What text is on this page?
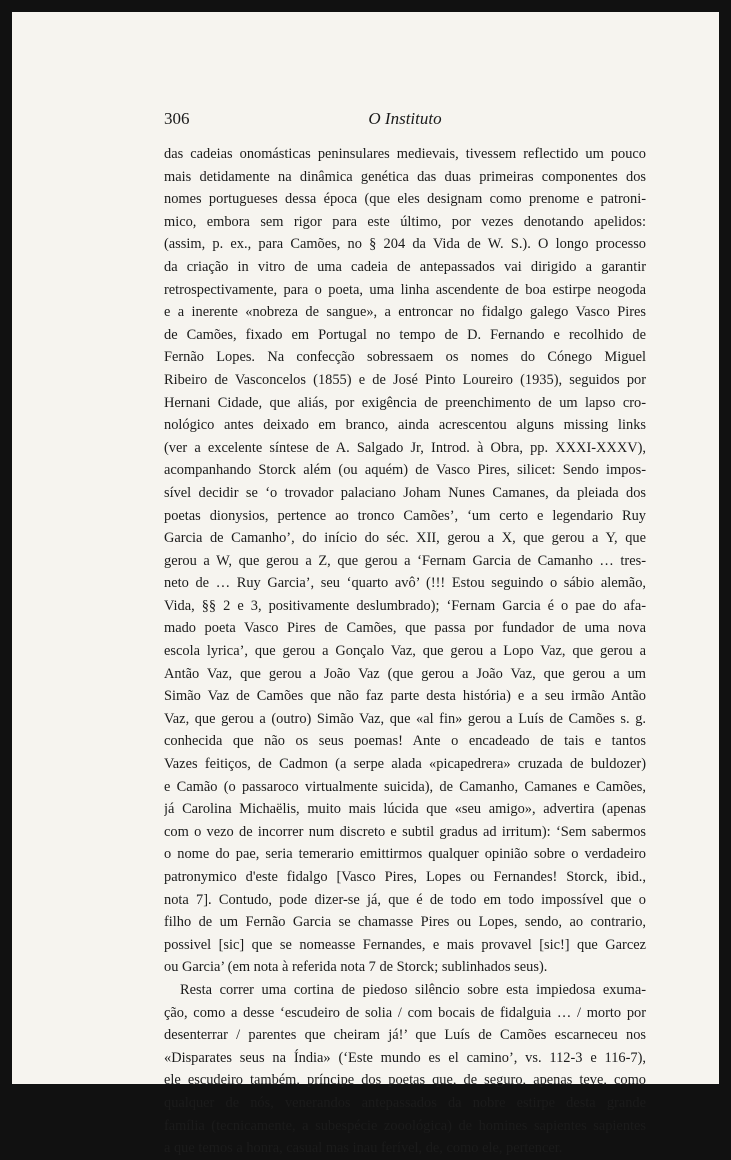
306	O Instituto
das cadeias onomásticas peninsulares medievais, tivessem reflectido um pouco
mais detidamente na dinâmica genética das duas primeiras componentes dos
nomes portugueses dessa época (que eles designam como prenome e patroni-
mico, embora sem rigor para este último, por vezes denotando apelidos:
(assim, p. ex., para Camões, no § 204 da Vida de W. S.). O longo processo
da criação in vitro de uma cadeia de antepassados vai dirigido a garantir
retrospectivamente, para o poeta, uma linha ascendente de boa estirpe neogoda
e a inerente «nobreza de sangue», a entroncar no fidalgo galego Vasco Pires
de Camões, fixado em Portugal no tempo de D. Fernando e recolhido de
Fernão Lopes. Na confecção sobressaem os nomes do Cónego Miguel
Ribeiro de Vasconcelos (1855) e de José Pinto Loureiro (1935), seguidos por
Hernani Cidade, que aliás, por exigência de preenchimento de um lapso cro-
nológico antes deixado em branco, ainda acrescentou alguns missing links
(ver a excelente síntese de A. Salgado Jr, Introd. à Obra, pp. XXXI-XXXV),
acompanhando Storck além (ou aquém) de Vasco Pires, silicet: Sendo impos-
sível decidir se ‘o trovador palaciano Joham Nunes Camanes, da pleiada dos
poetas dionysios, pertence ao tronco Camões’, ‘um certo e legendario Ruy
Garcia de Camanho’, do início do séc. XII, gerou a X, que gerou a Y, que
gerou a W, que gerou a Z, que gerou a ‘Fernam Garcia de Camanho … tres-
neto de … Ruy Garcia’, seu ‘quarto avô’ (!!! Estou seguindo o sábio alemão,
Vida, §§ 2 e 3, positivamente deslumbrado); ‘Fernam Garcia é o pae do afa-
mado poeta Vasco Pires de Camões, que passa por fundador de uma nova
escola lyrica’, que gerou a Gonçalo Vaz, que gerou a Lopo Vaz, que gerou a
Antão Vaz, que gerou a João Vaz (que gerou a João Vaz, que gerou a um
Simão Vaz de Camões que não faz parte desta história) e a seu irmão Antão
Vaz, que gerou a (outro) Simão Vaz, que «al fin» gerou a Luís de Camões s. g.
conhecida que não os seus poemas! Ante o encadeado de tais e tantos
Vazes feitiços, de Cadmon (a serpe alada «picapedrera» cruzada de buldozer)
e Camão (o passaroco virtualmente suicida), de Camanho, Camanes e Camões,
já Carolina Michaëlis, muito mais lúcida que «seu amigo», advertira (apenas
com o vezo de incorrer num discreto e subtil gradus ad irritum): ‘Sem sabermos
o nome do pae, seria temerario emittirmos qualquer opinião sobre o verdadeiro
patronymico d'este fidalgo [Vasco Pires, Lopes ou Fernandes! Storck, ibid.,
nota 7]. Contudo, pode dizer-se já, que é de todo em todo impossível que o
filho de um Fernão Garcia se chamasse Pires ou Lopes, sendo, ao contrario,
possivel [sic] que se nomeasse Fernandes, e mais provavel [sic!] que Garcez
ou Garcia’ (em nota à referida nota 7 de Storck; sublinhados seus).
Resta correr uma cortina de piedoso silêncio sobre esta impiedosa exuma-
ção, como a desse ‘escudeiro de solia / com bocais de fidalguia … / morto por
desenterrar / parentes que cheiram já!’ que Luís de Camões escarneceu nos
«Disparates seus na Índia» (‘Este mundo es el camino’, vs. 112-3 e 116-7),
ele escudeiro também, príncipe dos poetas que, de seguro, apenas teve, como
qualquer de nós, venerandos antepassados da nobre estirpe desta grande
família (tecnicamente, a subespécie zooológica) de homines sapientes sapientes
a que temos a honra, casual mas inau ferível, de, como ele, pertencer.
